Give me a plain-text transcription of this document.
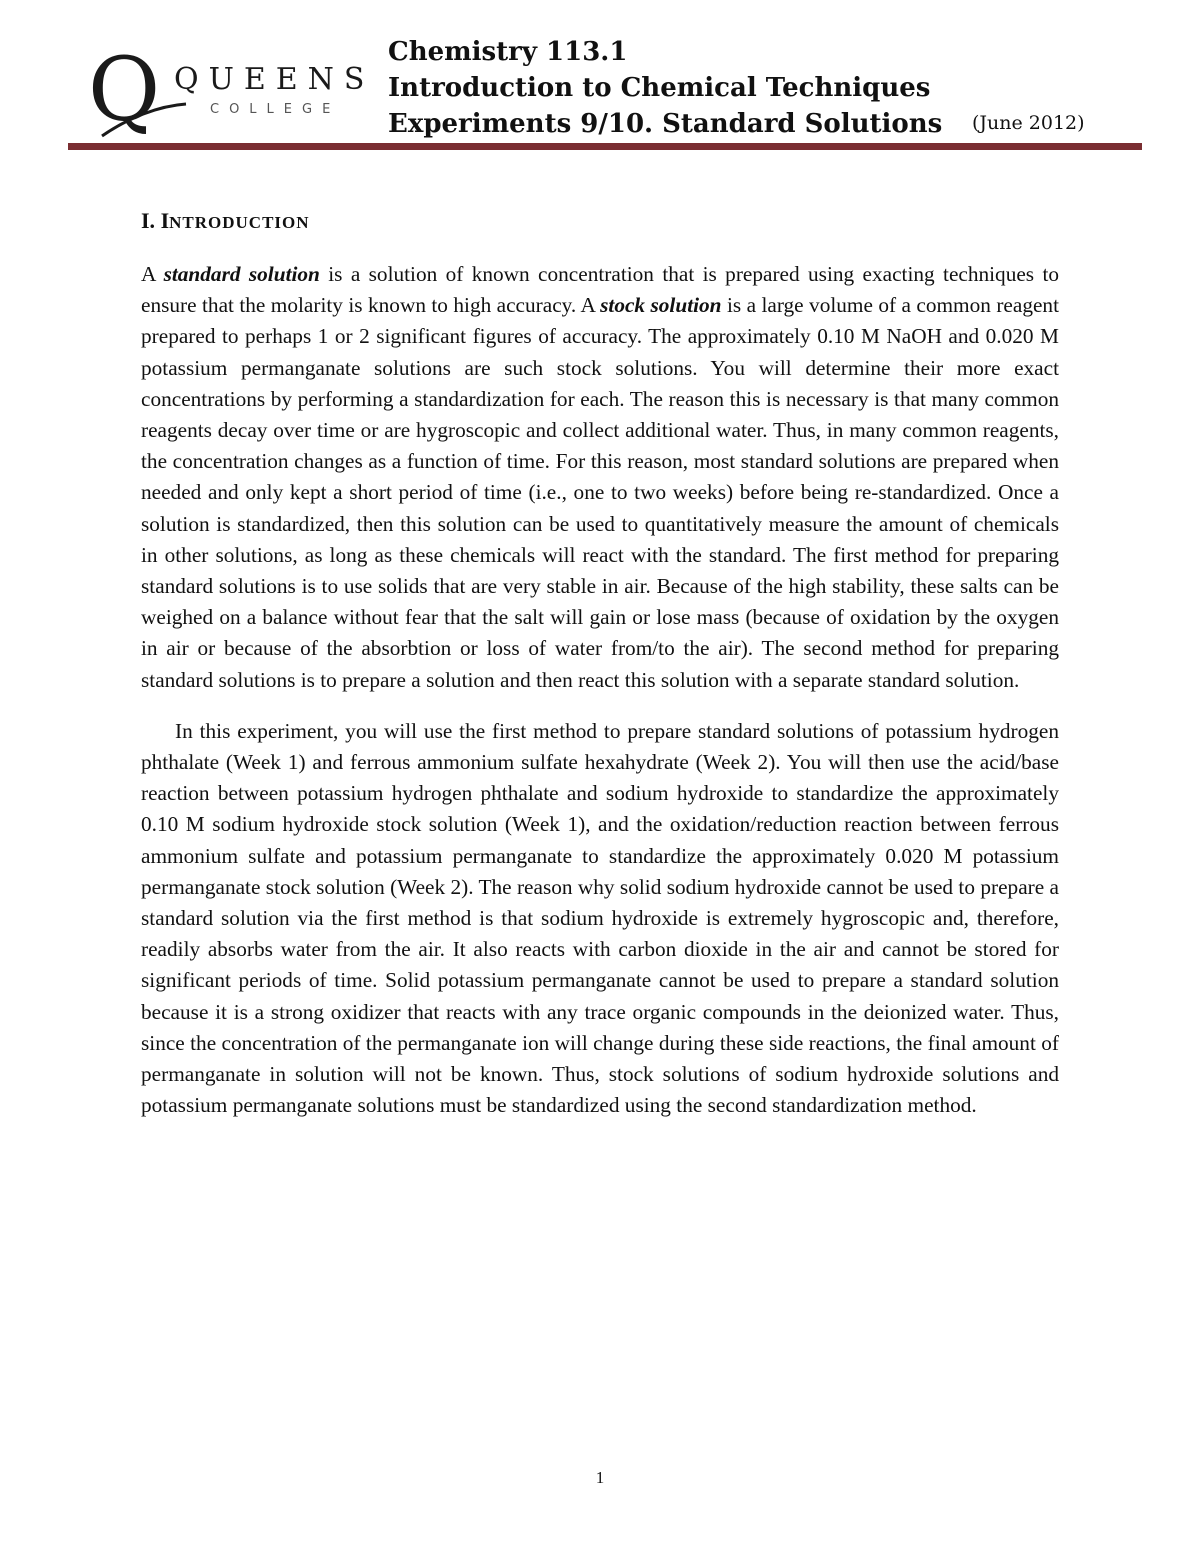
Q QUEENS
COLLEGE
Chemistry 113.1
Introduction to Chemical Techniques
Experiments 9/10. Standard Solutions (June 2012)
I. INTRODUCTION

A standard solution is a solution of known concentration that is prepared using exacting techniques to ensure that the molarity is known to high accuracy. A stock solution is a large volume of a common reagent prepared to perhaps 1 or 2 significant figures of accuracy. The approximately 0.10 M NaOH and 0.020 M potassium permanganate solutions are such stock solutions. You will determine their more exact concentrations by performing a standardization for each. The reason this is necessary is that many common reagents decay over time or are hygroscopic and collect additional water. Thus, in many common reagents, the concentration changes as a function of time. For this reason, most standard solutions are prepared when needed and only kept a short period of time (i.e., one to two weeks) before being re-standardized. Once a solution is standardized, then this solution can be used to quantitatively measure the amount of chemicals in other solutions, as long as these chemicals will react with the standard. The first method for preparing standard solutions is to use solids that are very stable in air. Because of the high stability, these salts can be weighed on a balance without fear that the salt will gain or lose mass (because of oxidation by the oxygen in air or because of the absorbtion or loss of water from/to the air). The second method for preparing standard solutions is to prepare a solution and then react this solution with a separate standard solution.

In this experiment, you will use the first method to prepare standard solutions of potassium hydrogen phthalate (Week 1) and ferrous ammonium sulfate hexahydrate (Week 2). You will then use the acid/base reaction between potassium hydrogen phthalate and sodium hydroxide to standardize the approximately 0.10 M sodium hydroxide stock solution (Week 1), and the oxidation/reduction reaction between ferrous ammonium sulfate and potassium permanganate to standardize the approximately 0.020 M potassium permanganate stock solution (Week 2). The reason why solid sodium hydroxide cannot be used to prepare a standard solution via the first method is that sodium hydroxide is extremely hygroscopic and, therefore, readily absorbs water from the air. It also reacts with carbon dioxide in the air and cannot be stored for significant periods of time. Solid potassium permanganate cannot be used to prepare a standard solution because it is a strong oxidizer that reacts with any trace organic compounds in the deionized water. Thus, since the concentration of the permanganate ion will change during these side reactions, the final amount of permanganate in solution will not be known. Thus, stock solutions of sodium hydroxide solutions and potassium permanganate solutions must be standardized using the second standardization method.

1
